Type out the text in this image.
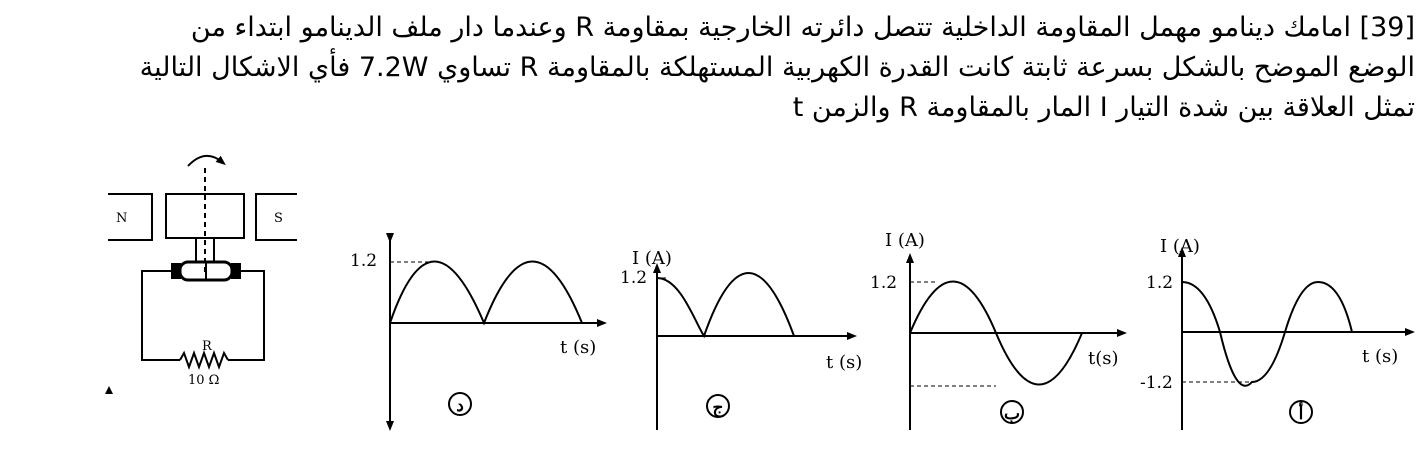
[39] امامك دينامو مهمل المقاومة الداخلية تتصل دائرته الخارجية بمقاومة R وعندما دار ملف الدينامو ابتداء من

الوضع الموضح بالشكل بسرعة ثابتة كانت القدرة الكهربية المستهلكة بالمقاومة R تساوي 7.2W فأي الاشكال التالية

تمثل العلاقة بين شدة التيار I المار بالمقاومة R والزمن t

N	S
R
10 Ω
1.2
t (s)
د
I (A)
1.2
t (s)
ج
I (A)
1.2
t(s)
ب
I (A)
1.2
-1.2
t (s)
أ
